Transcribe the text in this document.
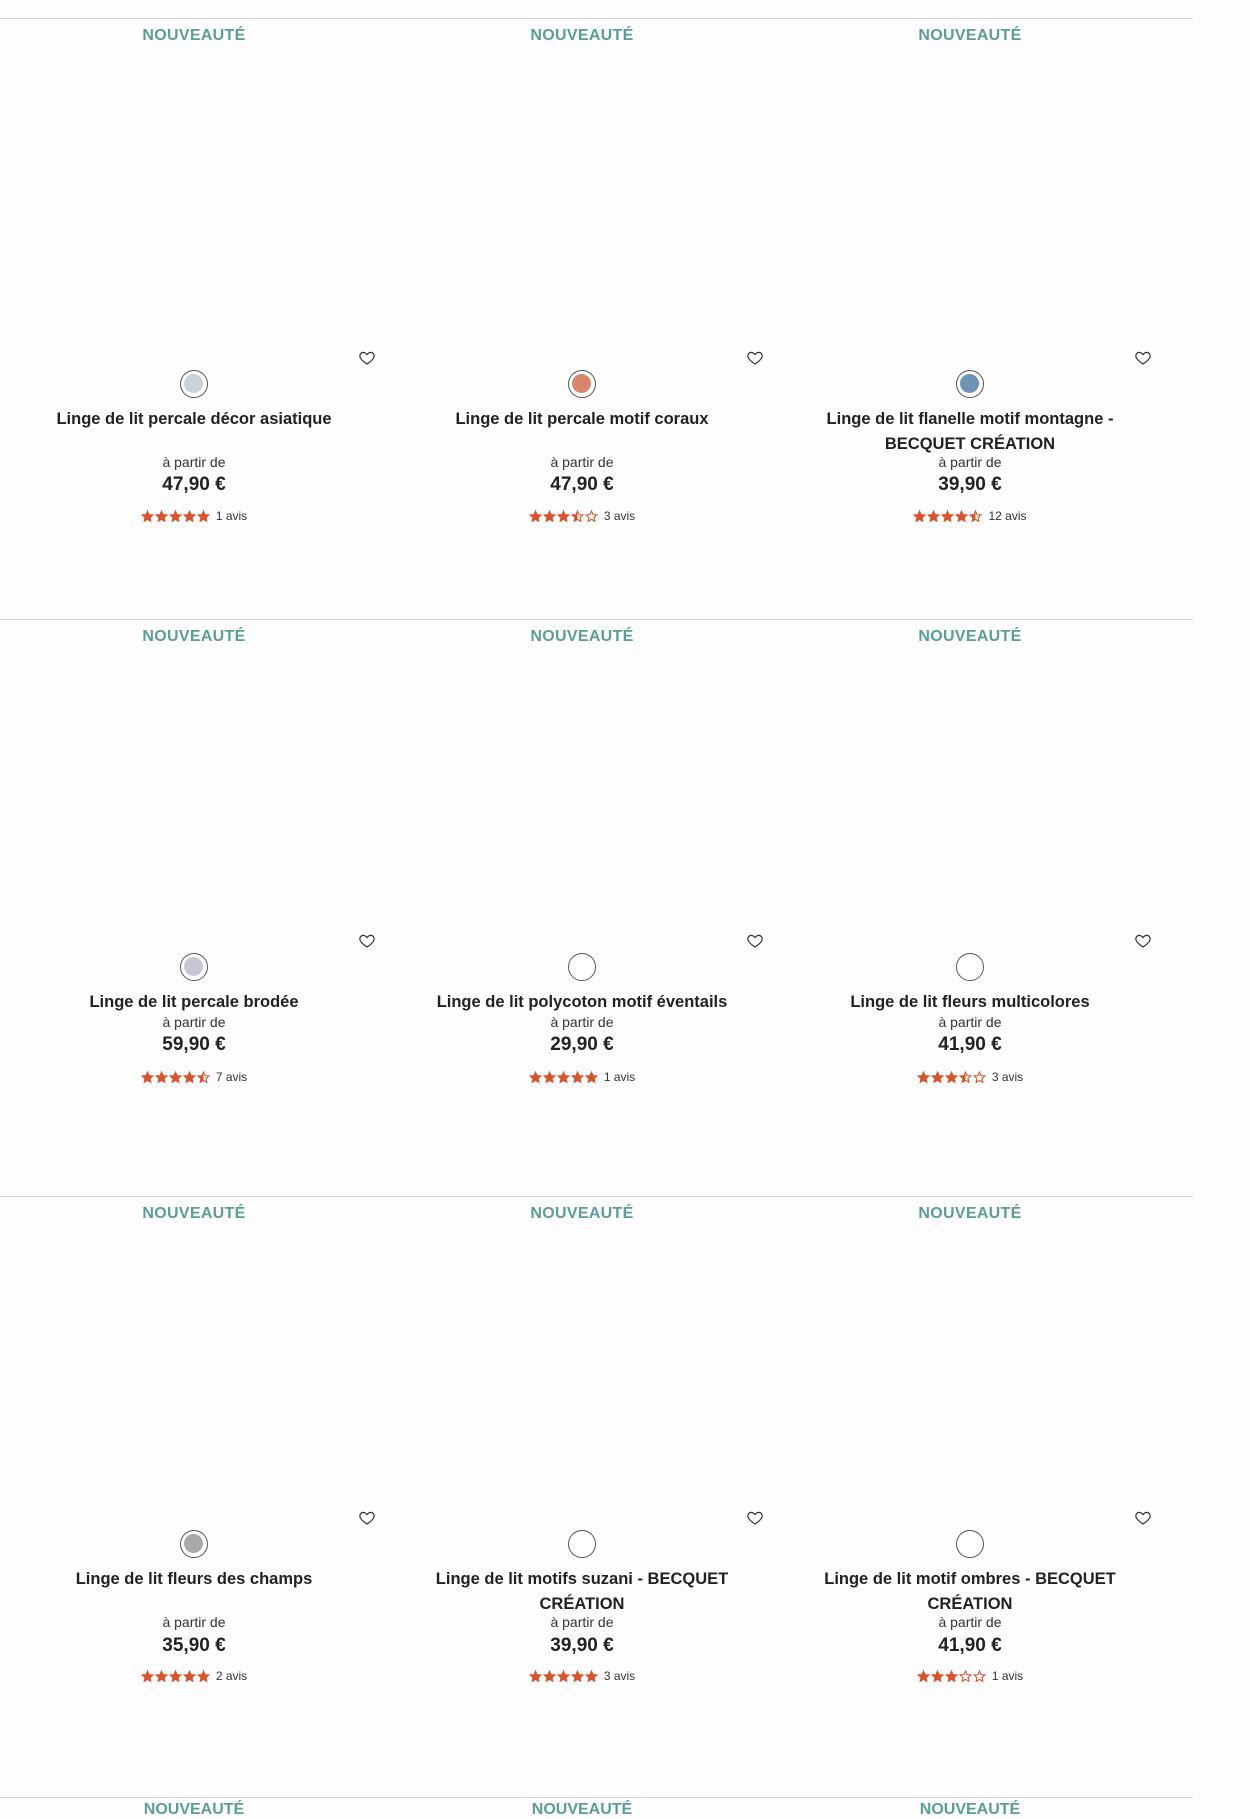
NOUVEAUTÉ
Linge de lit percale décor asiatique
à partir de
47,90 €
1 avis
NOUVEAUTÉ
Linge de lit percale motif coraux
à partir de
47,90 €
3 avis
NOUVEAUTÉ
Linge de lit flanelle motif montagne - BECQUET CRÉATION
à partir de
39,90 €
12 avis
NOUVEAUTÉ
Linge de lit percale brodée
à partir de
59,90 €
7 avis
NOUVEAUTÉ
Linge de lit polycoton motif éventails
à partir de
29,90 €
1 avis
NOUVEAUTÉ
Linge de lit fleurs multicolores
à partir de
41,90 €
3 avis
NOUVEAUTÉ
Linge de lit fleurs des champs
à partir de
35,90 €
2 avis
NOUVEAUTÉ
Linge de lit motifs suzani - BECQUET CRÉATION
à partir de
39,90 €
3 avis
NOUVEAUTÉ
Linge de lit motif ombres - BECQUET CRÉATION
à partir de
41,90 €
1 avis
NOUVEAUTÉ	NOUVEAUTÉ	NOUVEAUTÉ
